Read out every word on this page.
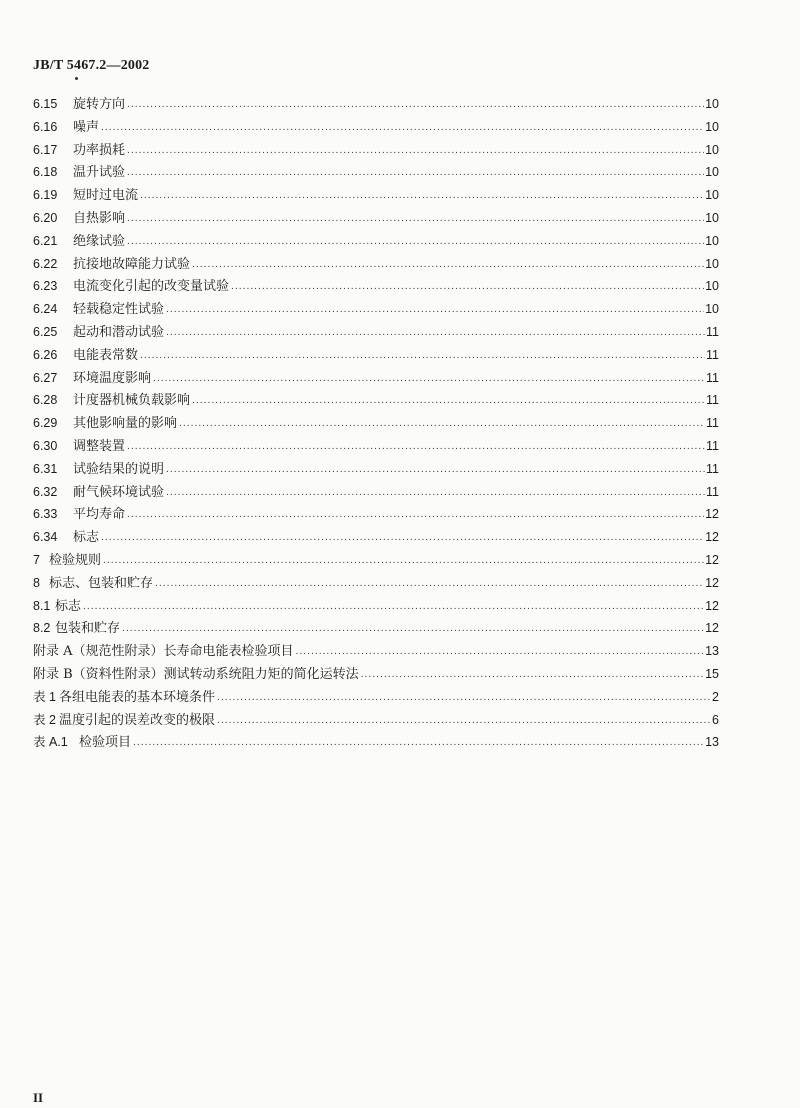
JB/T 5467.2—2002
6.15	旋转方向 .....	10
6.16	噪声 .....	10
6.17	功率损耗 .....	10
6.18	温升试验 .....	10
6.19	短时过电流 .....	10
6.20	自热影响 .....	10
6.21	绝缘试验 .....	10
6.22	抗接地故障能力试验 .....	10
6.23	电流变化引起的改变量试验 .....	10
6.24	轻载稳定性试验 .....	10
6.25	起动和潜动试验 .....	11
6.26	电能表常数 .....	11
6.27	环境温度影响 .....	11
6.28	计度器机械负载影响 .....	11
6.29	其他影响量的影响 .....	11
6.30	调整装置 .....	11
6.31	试验结果的说明 .....	11
6.32	耐气候环境试验 .....	11
6.33	平均寿命 .....	12
6.34	标志 .....	12
7 检验规则 .....	12
8 标志、包装和贮存 .....	12
8.1 标志 .....	12
8.2 包装和贮存 .....	12
附录 A（规范性附录）长寿命电能表检验项目 .....	13
附录 B（资料性附录）测试转动系统阻力矩的简化运转法 .....	15
表 1 各组电能表的基本环境条件 .....	2
表 2 温度引起的误差改变的极限 .....	6
表 A.1 检验项目 .....	13
II
